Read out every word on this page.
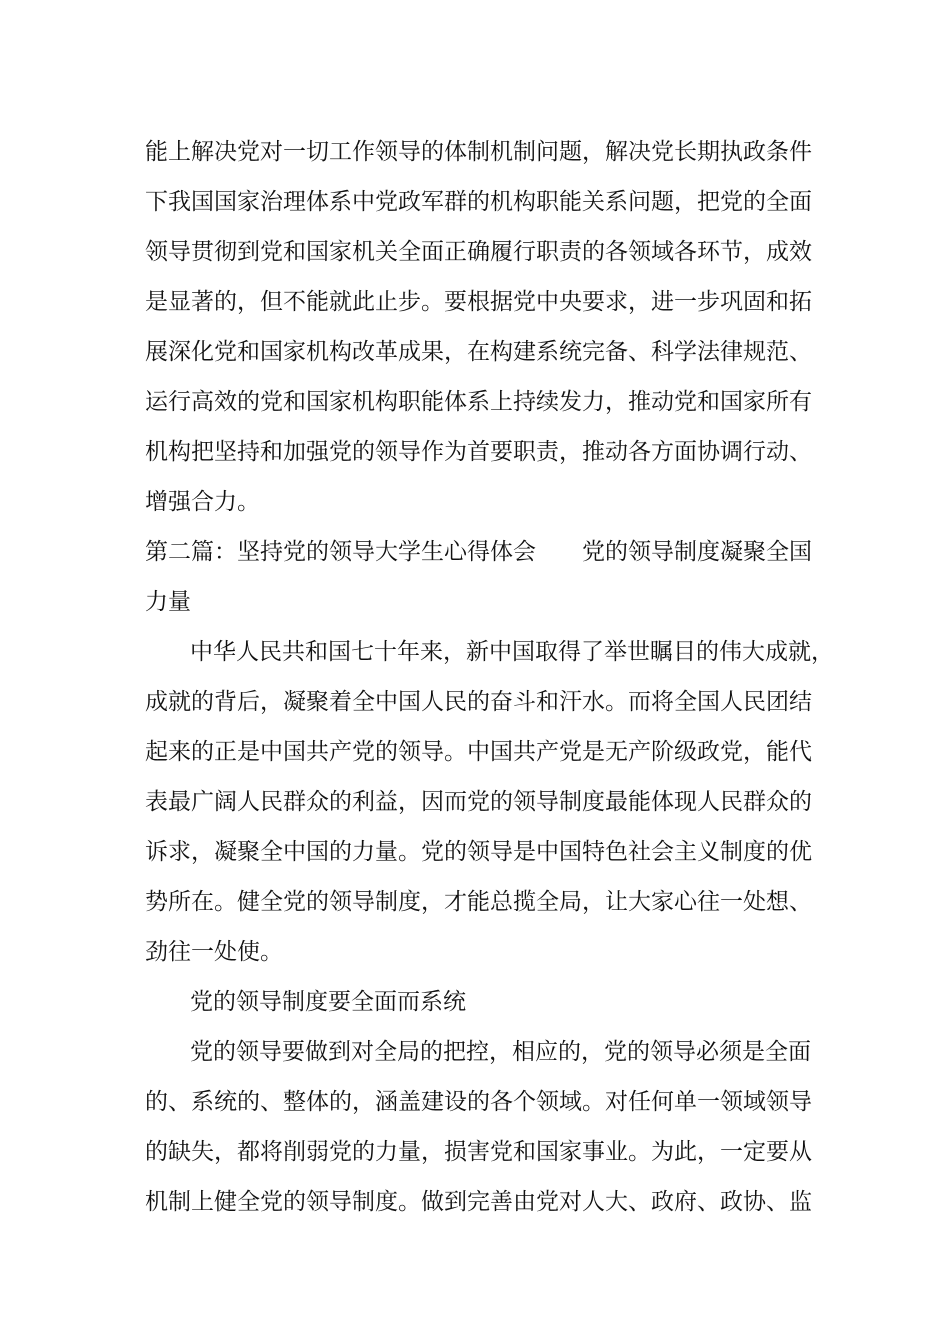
能上解决党对一切工作领导的体制机制问题，解决党长期执政条件
下我国国家治理体系中党政军群的机构职能关系问题，把党的全面
领导贯彻到党和国家机关全面正确履行职责的各领域各环节，成效
是显著的，但不能就此止步。要根据党中央要求，进一步巩固和拓
展深化党和国家机构改革成果，在构建系统完备、科学法律规范、
运行高效的党和国家机构职能体系上持续发力，推动党和国家所有
机构把坚持和加强党的领导作为首要职责，推动各方面协调行动、
增强合力。
第二篇：坚持党的领导大学生心得体会 党的领导制度凝聚全国
力量
中华人民共和国七十年来，新中国取得了举世瞩目的伟大成就，
成就的背后，凝聚着全中国人民的奋斗和汗水。而将全国人民团结
起来的正是中国共产党的领导。中国共产党是无产阶级政党，能代
表最广阔人民群众的利益，因而党的领导制度最能体现人民群众的
诉求，凝聚全中国的力量。党的领导是中国特色社会主义制度的优
势所在。健全党的领导制度，才能总揽全局，让大家心往一处想、
劲往一处使。
党的领导制度要全面而系统
党的领导要做到对全局的把控，相应的，党的领导必须是全面
的、系统的、整体的，涵盖建设的各个领域。对任何单一领域领导
的缺失，都将削弱党的力量，损害党和国家事业。为此，一定要从
机制上健全党的领导制度。做到完善由党对人大、政府、政协、监
